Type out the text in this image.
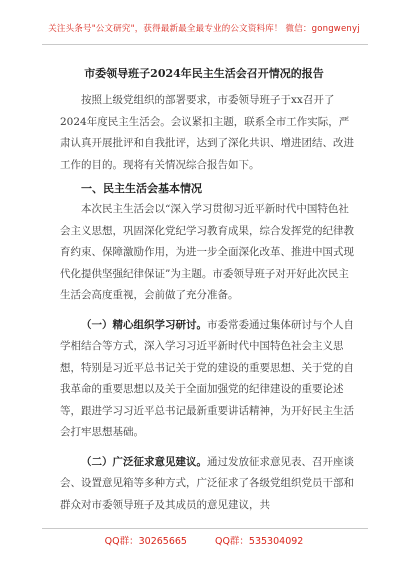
关注头条号"公文研究"，获得最新最全最专业的公文资料库！ 微信：gongwenyj
市委领导班子2024年民主生活会召开情况的报告

按照上级党组织的部署要求，市委领导班子于xx召开了2024年度民主生活会。会议紧扣主题，联系全市工作实际，严肃认真开展批评和自我批评，达到了深化共识、增进团结、改进工作的目的。现将有关情况综合报告如下。

一、民主生活会基本情况

本次民主生活会以“深入学习贯彻习近平新时代中国特色社会主义思想，巩固深化党纪学习教育成果，综合发挥党的纪律教育约束、保障激励作用，为进一步全面深化改革、推进中国式现代化提供坚强纪律保证”为主题。市委领导班子对开好此次民主生活会高度重视，会前做了充分准备。

（一）精心组织学习研讨。市委常委通过集体研讨与个人自学相结合等方式，深入学习习近平新时代中国特色社会主义思想，特别是习近平总书记关于党的建设的重要思想、关于党的自我革命的重要思想以及关于全面加强党的纪律建设的重要论述等，跟进学习习近平总书记最新重要讲话精神，为开好民主生活会打牢思想基础。

（二）广泛征求意见建议。通过发放征求意见表、召开座谈会、设置意见箱等多种方式，广泛征求了各级党组织党员干部和群众对市委领导班子及其成员的意见建议，共

QQ群：30265665	QQ群：535304092
